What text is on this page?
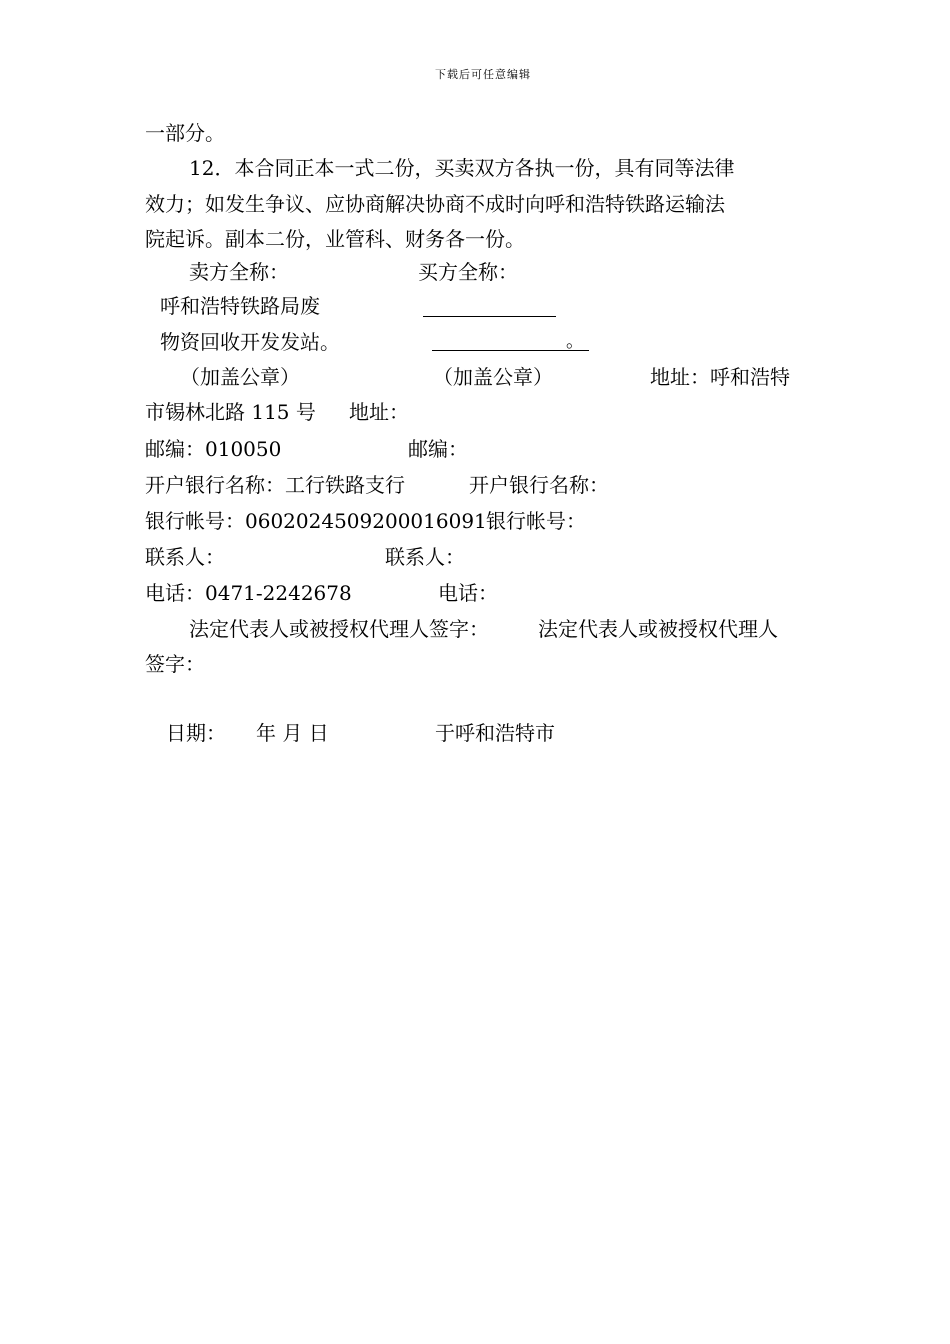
下载后可任意编辑
一部分。
12．本合同正本一式二份，买卖双方各执一份，具有同等法律
效力；如发生争议、应协商解决协商不成时向呼和浩特铁路运输法
院起诉。副本二份，业管科、财务各一份。
卖方全称：	买方全称：
呼和浩特铁路局废
物资回收开发发站。	。
（加盖公章）	（加盖公章）	地址：呼和浩特
市锡林北路 115 号 地址：
邮编：010050	邮编：
开户银行名称：工行铁路支行	开户银行名称：
银行帐号：0602024509200016091 银行帐号：
联系人：	联系人：
电话：0471-2242678	电话：
法定代表人或被授权代理人签字： 法定代表人或被授权代理人
签字：
日期： 年 月 日	于呼和浩特市
